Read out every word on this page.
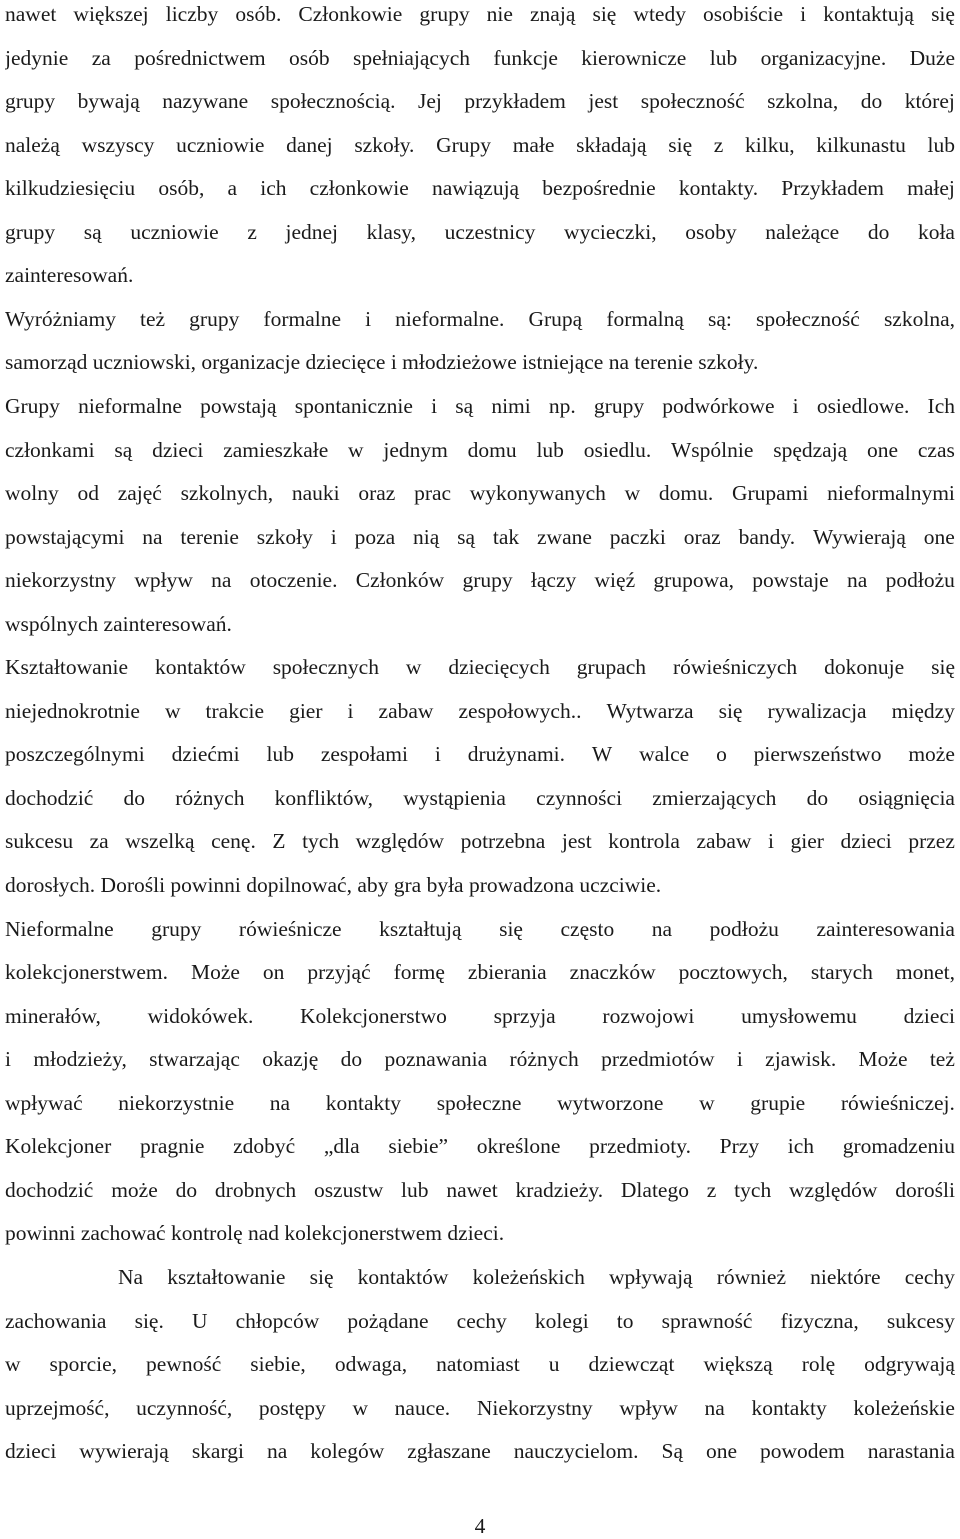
nawet większej liczby osób. Członkowie grupy nie znają się wtedy osobiście i kontaktują się
jedynie za pośrednictwem osób spełniających funkcje kierownicze lub organizacyjne. Duże
grupy bywają nazywane społecznością. Jej przykładem jest społeczność szkolna, do której
należą wszyscy uczniowie danej szkoły. Grupy małe składają się z kilku, kilkunastu lub
kilkudziesięciu osób, a ich członkowie nawiązują bezpośrednie kontakty. Przykładem małej
grupy są uczniowie z jednej klasy, uczestnicy wycieczki, osoby należące do koła
zainteresowań.
Wyróżniamy też grupy formalne i nieformalne. Grupą formalną są: społeczność szkolna,
samorząd uczniowski, organizacje dziecięce i młodzieżowe istniejące na terenie szkoły.
Grupy nieformalne powstają spontanicznie i są nimi np. grupy podwórkowe i osiedlowe. Ich
członkami są dzieci zamieszkałe w jednym domu lub osiedlu. Wspólnie spędzają one czas
wolny od zajęć szkolnych, nauki oraz prac wykonywanych w domu. Grupami nieformalnymi
powstającymi na terenie szkoły i poza nią są tak zwane paczki oraz bandy. Wywierają one
niekorzystny wpływ na otoczenie. Członków grupy łączy więź grupowa, powstaje na podłożu
wspólnych zainteresowań.
Kształtowanie kontaktów społecznych w dziecięcych grupach rówieśniczych dokonuje się
niejednokrotnie w trakcie gier i zabaw zespołowych.. Wytwarza się rywalizacja między
poszczególnymi dziećmi lub zespołami i drużynami. W walce o pierwszeństwo może
dochodzić do różnych konfliktów, wystąpienia czynności zmierzających do osiągnięcia
sukcesu za wszelką cenę. Z tych względów potrzebna jest kontrola zabaw i gier dzieci przez
dorosłych. Dorośli powinni dopilnować, aby gra była prowadzona uczciwie.
Nieformalne grupy rówieśnicze kształtują się często na podłożu zainteresowania
kolekcjonerstwem. Może on przyjąć formę zbierania znaczków pocztowych, starych monet,
minerałów, widokówek. Kolekcjonerstwo sprzyja rozwojowi umysłowemu dzieci
i młodzieży, stwarzając okazję do poznawania różnych przedmiotów i zjawisk. Może też
wpływać niekorzystnie na kontakty społeczne wytworzone w grupie rówieśniczej.
Kolekcjoner pragnie zdobyć „dla siebie” określone przedmioty. Przy ich gromadzeniu
dochodzić może do drobnych oszustw lub nawet kradzieży. Dlatego z tych względów dorośli
powinni zachować kontrolę nad kolekcjonerstwem dzieci.
Na kształtowanie się kontaktów koleżeńskich wpływają również niektóre cechy
zachowania się. U chłopców pożądane cechy kolegi to sprawność fizyczna, sukcesy
w sporcie, pewność siebie, odwaga, natomiast u dziewcząt większą rolę odgrywają
uprzejmość, uczynność, postępy w nauce. Niekorzystny wpływ na kontakty koleżeńskie
dzieci wywierają skargi na kolegów zgłaszane nauczycielom. Są one powodem narastania
4
